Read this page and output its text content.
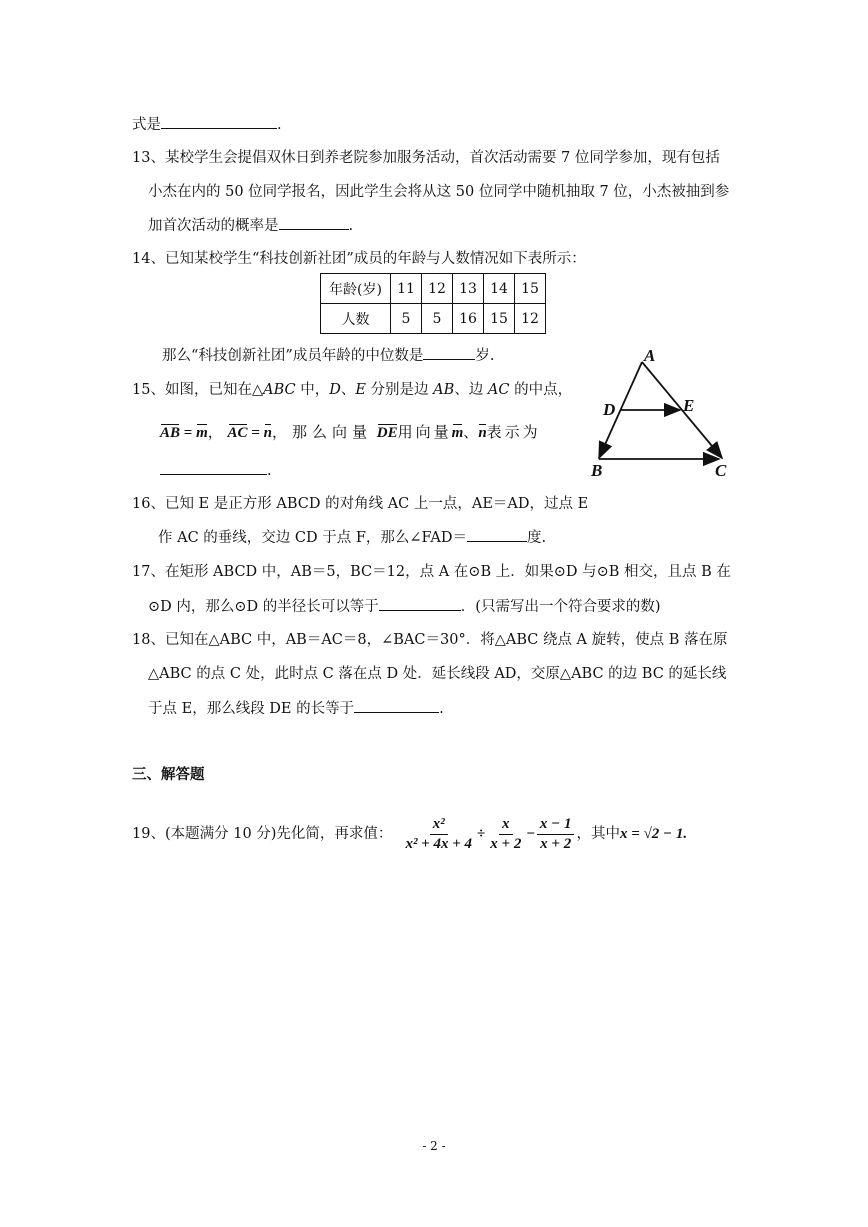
式是	.
13、某校学生会提倡双休日到养老院参加服务活动，首次活动需要 7 位同学参加，现有包括
小杰在内的 50 位同学报名，因此学生会将从这 50 位同学中随机抽取 7 位，小杰被抽到参
加首次活动的概率是	.
14、已知某校学生“科技创新社团”成员的年龄与人数情况如下表所示：
年龄(岁)	11	12	13	14	15
人数	5	5	16	15	12
那么“科技创新社团”成员年龄的中位数是	岁.
15、如图，已知在△ABC 中，D、E 分别是边 AB、边 AC 的中点，
AB = m， AC = n，那么向量 DE用向量m、n表示为
.
A
D	E
B	C
16、已知 E 是正方形 ABCD 的对角线 AC 上一点，AE＝AD，过点 E
作 AC 的垂线，交边 CD 于点 F，那么∠FAD＝	度.
17、在矩形 ABCD 中，AB＝5，BC＝12，点 A 在⊙B 上．如果⊙D 与⊙B 相交，且点 B 在
⊙D 内，那么⊙D 的半径长可以等于	．(只需写出一个符合要求的数)
18、已知在△ABC 中，AB＝AC＝8，∠BAC＝30°．将△ABC 绕点 A 旋转，使点 B 落在原
△ABC 的点 C 处，此时点 C 落在点 D 处．延长线段 AD，交原△ABC 的边 BC 的延长线
于点 E，那么线段 DE 的长等于	.
三、解答题
19、(本题满分 10 分)先化简，再求值： $\frac{\text{x²}}{\text{x² + 4x + 4}} \div \frac{x}{x + 2} - \frac{x - 1}{x + 2}$ ，其中 x = √2 − 1.
- 2 -
